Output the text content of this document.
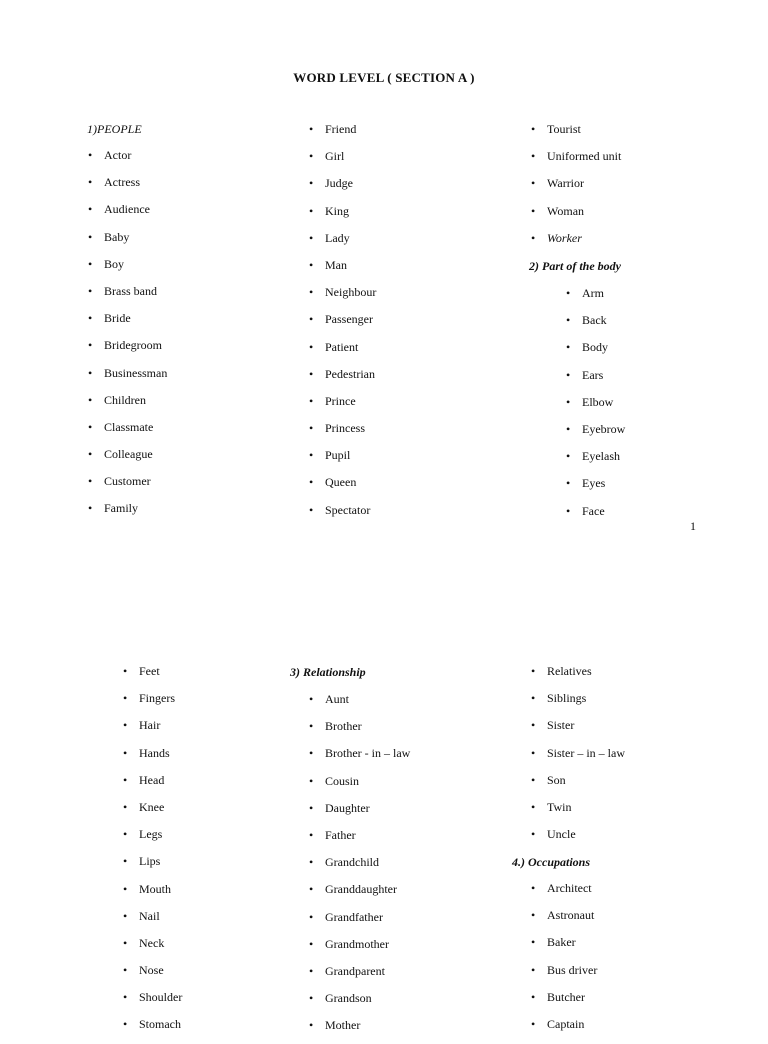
WORD LEVEL ( SECTION A )
1)PEOPLE
• Actor
• Actress
• Audience
• Baby
• Boy
• Brass band
• Bride
• Bridegroom
• Businessman
• Children
• Classmate
• Colleague
• Customer
• Family
• Friend
• Girl
• Judge
• King
• Lady
• Man
• Neighbour
• Passenger
• Patient
• Pedestrian
• Prince
• Princess
• Pupil
• Queen
• Spectator
• Tourist
• Uniformed unit
• Warrior
• Woman
• Worker
2) Part of the body
• Arm
• Back
• Body
• Ears
• Elbow
• Eyebrow
• Eyelash
• Eyes
• Face
1
• Feet
• Fingers
• Hair
• Hands
• Head
• Knee
• Legs
• Lips
• Mouth
• Nail
• Neck
• Nose
• Shoulder
• Stomach
3) Relationship
• Aunt
• Brother
• Brother - in – law
• Cousin
• Daughter
• Father
• Grandchild
• Granddaughter
• Grandfather
• Grandmother
• Grandparent
• Grandson
• Mother
• Relatives
• Siblings
• Sister
• Sister – in – law
• Son
• Twin
• Uncle
4.) Occupations
• Architect
• Astronaut
• Baker
• Bus driver
• Butcher
• Captain
